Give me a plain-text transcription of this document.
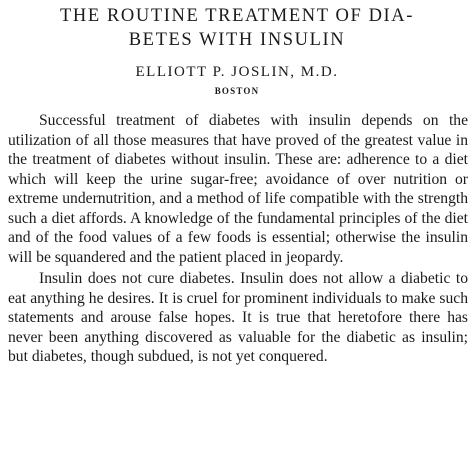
THE ROUTINE TREATMENT OF DIA-
BETES WITH INSULIN

ELLIOTT P. JOSLIN, M.D.

BOSTON

Successful treatment of diabetes with insulin depends on the utilization of all those measures that have proved of the greatest value in the treatment of diabetes without insulin. These are: adherence to a diet which will keep the urine sugar-free; avoidance of over nutrition or extreme undernutrition, and a method of life compatible with the strength such a diet affords. A knowledge of the fundamental principles of the diet and of the food values of a few foods is essential; otherwise the insulin will be squandered and the patient placed in jeopardy.

Insulin does not cure diabetes. Insulin does not allow a diabetic to eat anything he desires. It is cruel for prominent individuals to make such statements and arouse false hopes. It is true that heretofore there has never been anything discovered as valuable for the diabetic as insulin; but diabetes, though subdued, is not yet conquered.
